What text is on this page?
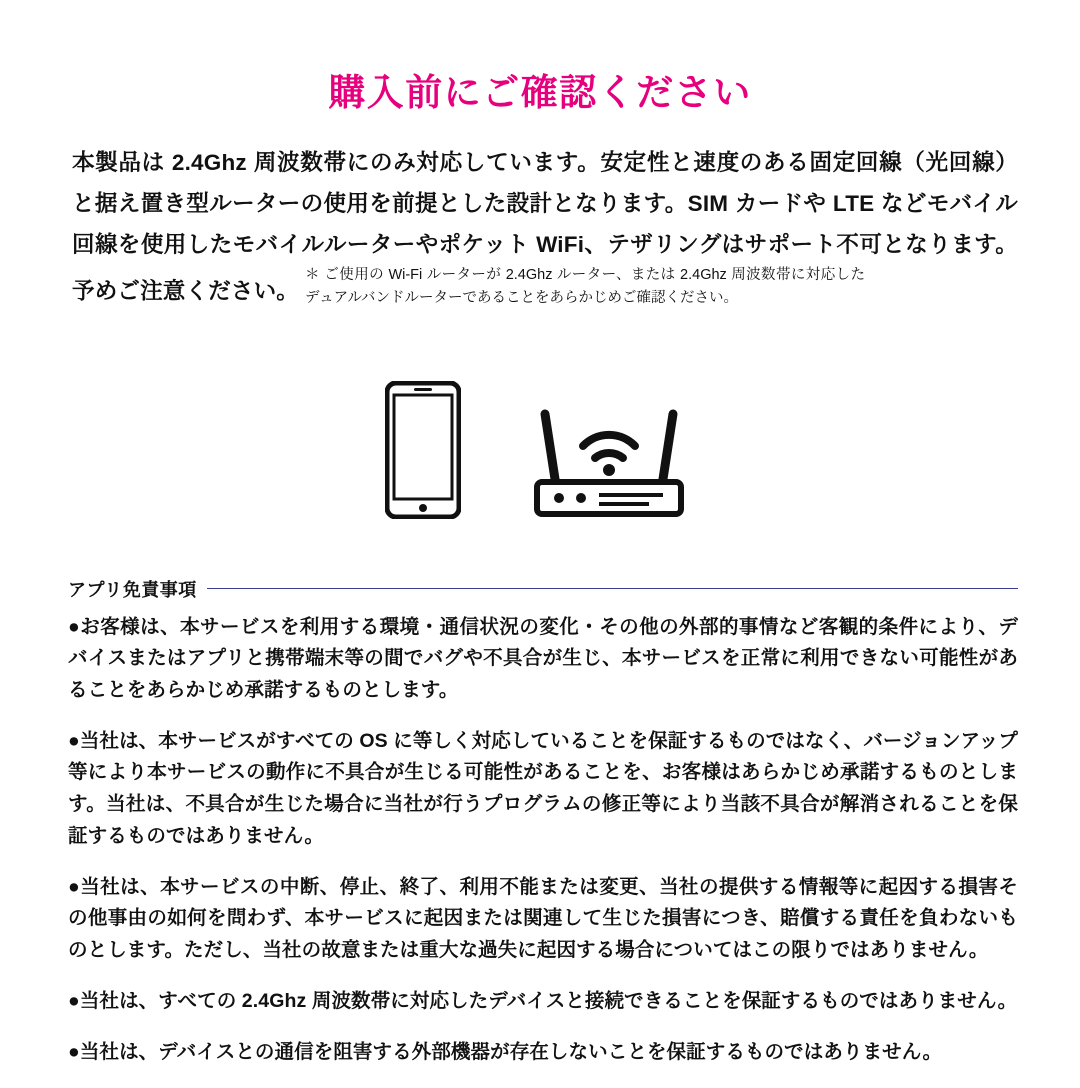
購入前にご確認ください
本製品は 2.4Ghz 周波数帯にのみ対応しています。安定性と速度のある固定回線（光回線）と据え置き型ルーターの使用を前提とした設計となります。SIM カードや LTE などモバイル回線を使用したモバイルルーターやポケット WiFi、テザリングはサポート不可となります。予めご注意ください。＊ ご使用の Wi-Fi ルーターが 2.4Ghz ルーター、または 2.4Ghz 周波数帯に対応したデュアルバンドルーターであることをあらかじめご確認ください。
アプリ免責事項

●お客様は、本サービスを利用する環境・通信状況の変化・その他の外部的事情など客観的条件により、デバイスまたはアプリと携帯端末等の間でバグや不具合が生じ、本サービスを正常に利用できない可能性があることをあらかじめ承諾するものとします。

●当社は、本サービスがすべての OS に等しく対応していることを保証するものではなく、バージョンアップ等により本サービスの動作に不具合が生じる可能性があることを、お客様はあらかじめ承諾するものとします。当社は、不具合が生じた場合に当社が行うプログラムの修正等により当該不具合が解消されることを保証するものではありません。

●当社は、本サービスの中断、停止、終了、利用不能または変更、当社の提供する情報等に起因する損害その他事由の如何を問わず、本サービスに起因または関連して生じた損害につき、賠償する責任を負わないものとします。ただし、当社の故意または重大な過失に起因する場合についてはこの限りではありません。

●当社は、すべての 2.4Ghz 周波数帯に対応したデバイスと接続できることを保証するものではありません。

●当社は、デバイスとの通信を阻害する外部機器が存在しないことを保証するものではありません。
